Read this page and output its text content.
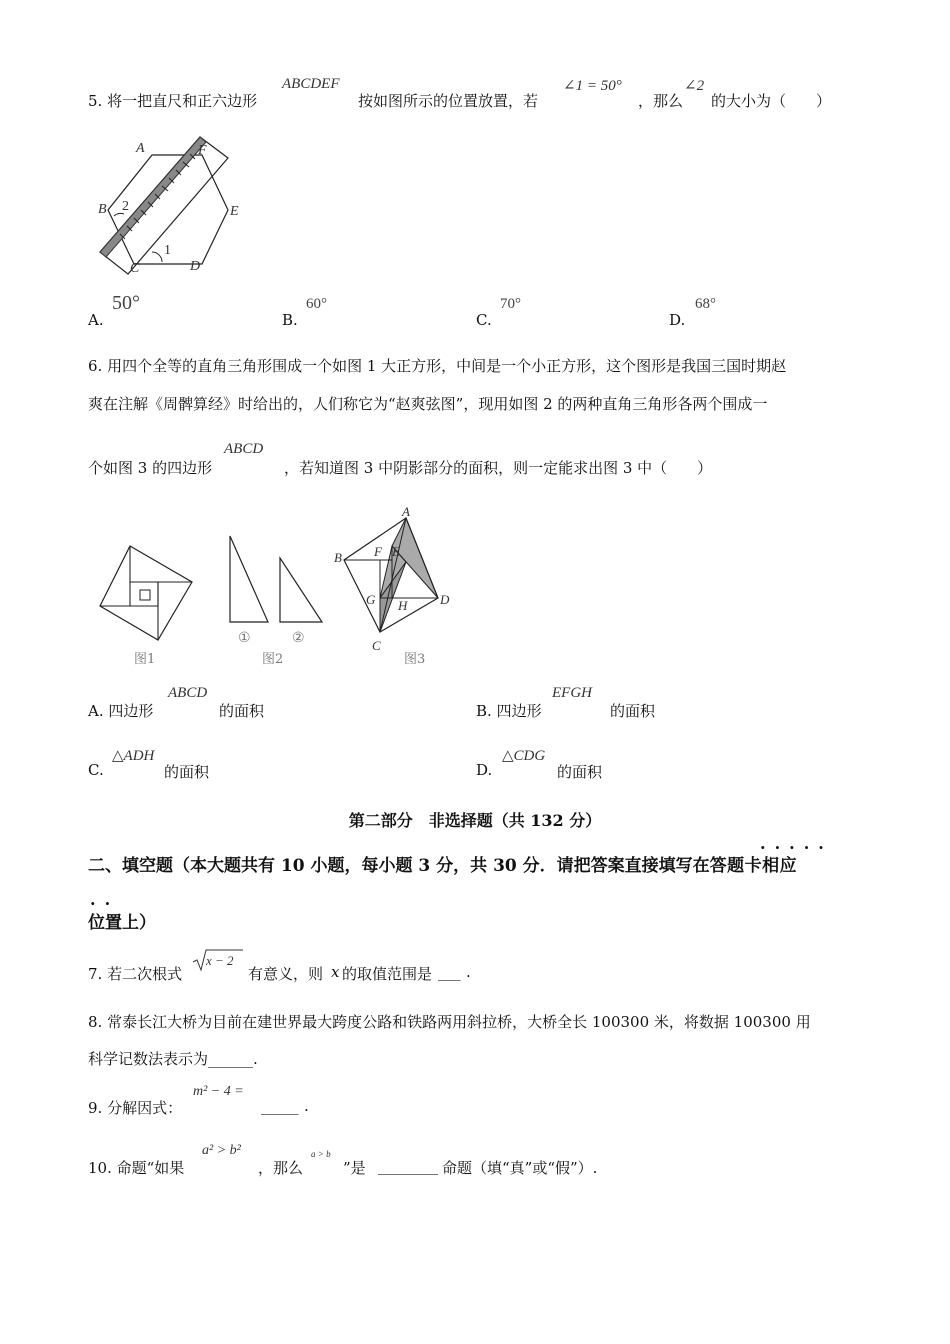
5. 将一把直尺和正六边形
ABCDEF
按如图所示的位置放置，若
∠1 = 50°
，那么
∠2
的大小为（　　）
A	F
B 2	E
1
C	D
A.
50°
B.
60°
C.
70°
D.
68°
6. 用四个全等的直角三角形围成一个如图 1 大正方形，中间是一个小正方形，这个图形是我国三国时期赵
爽在注解《周髀算经》时给出的，人们称它为“赵爽弦图”，现用如图 2 的两种直角三角形各两个围成一
个如图 3 的四边形
ABCD
，若知道图 3 中阴影部分的面积，则一定能求出图 3 中（　　）
图1
①	②
图2
A
B F E
G H	D
C
图3
A. 四边形
ABCD
的面积	B. 四边形
EFGH
的面积
C.
△ADH
的面积	D.
△CDG
的面积
第二部分　非选择题（共 132 分）
二、填空题（本大题共有 10 小题，每小题 3 分，共 30 分．请把答案直接填写在答题卡相应
·····
位置上）
··
7. 若二次根式
x − 2
有意义，则 x 的取值范围是 ___ .
8. 常泰长江大桥为目前在建世界最大跨度公路和铁路两用斜拉桥，大桥全长 100300 米，将数据 100300 用
科学记数法表示为______.
9. 分解因式：
m² − 4 =
_____ .
10. 命题“如果
a² > b²
，那么
a > b
”是 ________ 命题（填“真”或“假”）.
